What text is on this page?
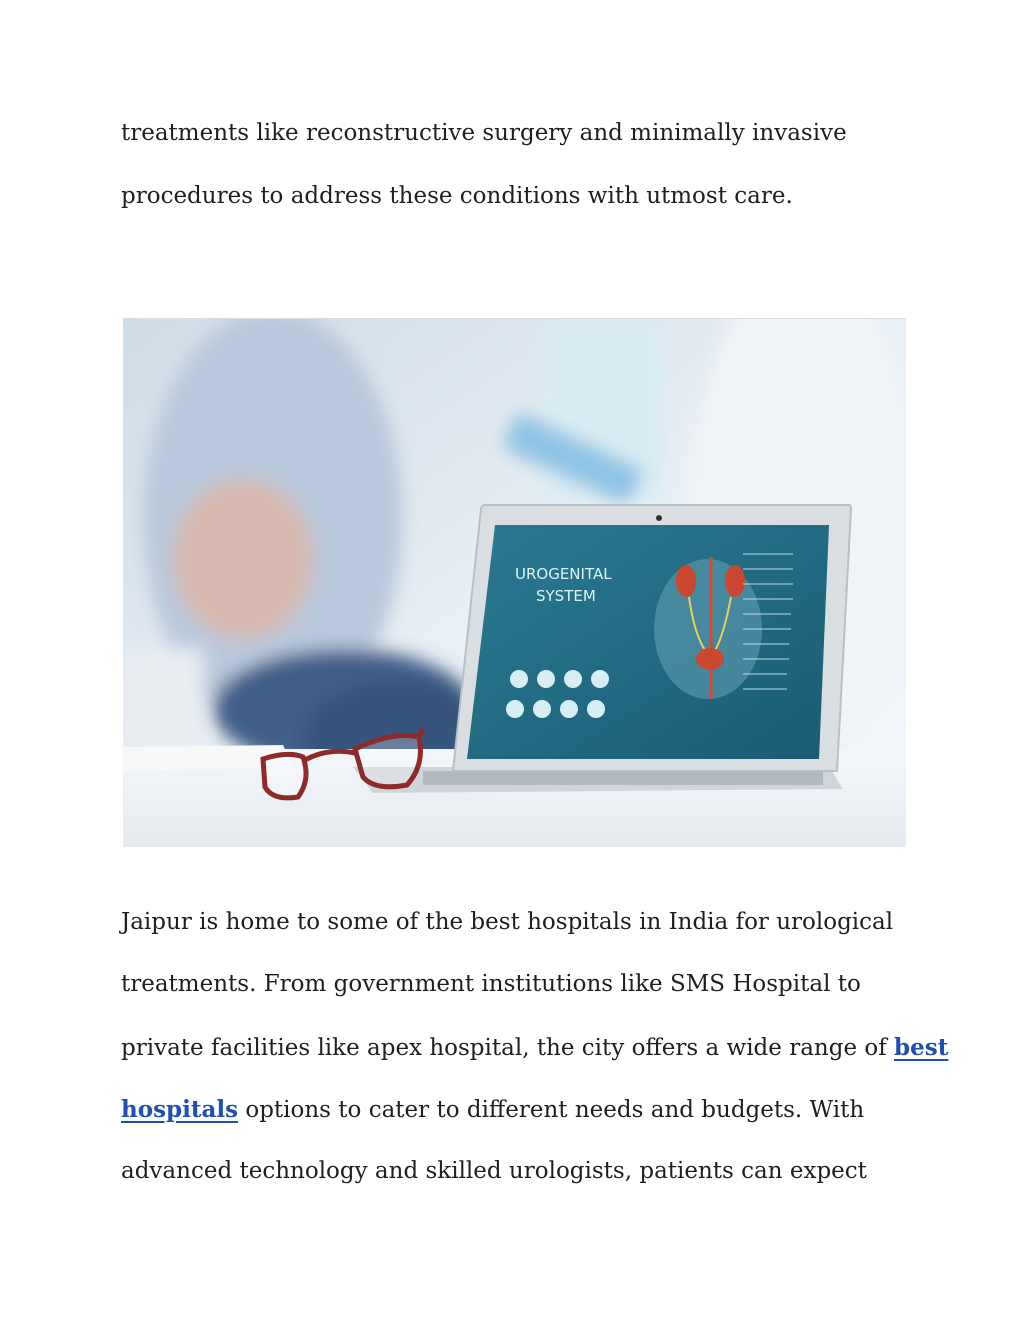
treatments like reconstructive surgery and minimally invasive
procedures to address these conditions with utmost care.
UROGENITAL
SYSTEM
Jaipur is home to some of the best hospitals in India for urological
treatments. From government institutions like SMS Hospital to
private facilities like apex hospital, the city offers a wide range of best
hospitals options to cater to different needs and budgets. With
advanced technology and skilled urologists, patients can expect
